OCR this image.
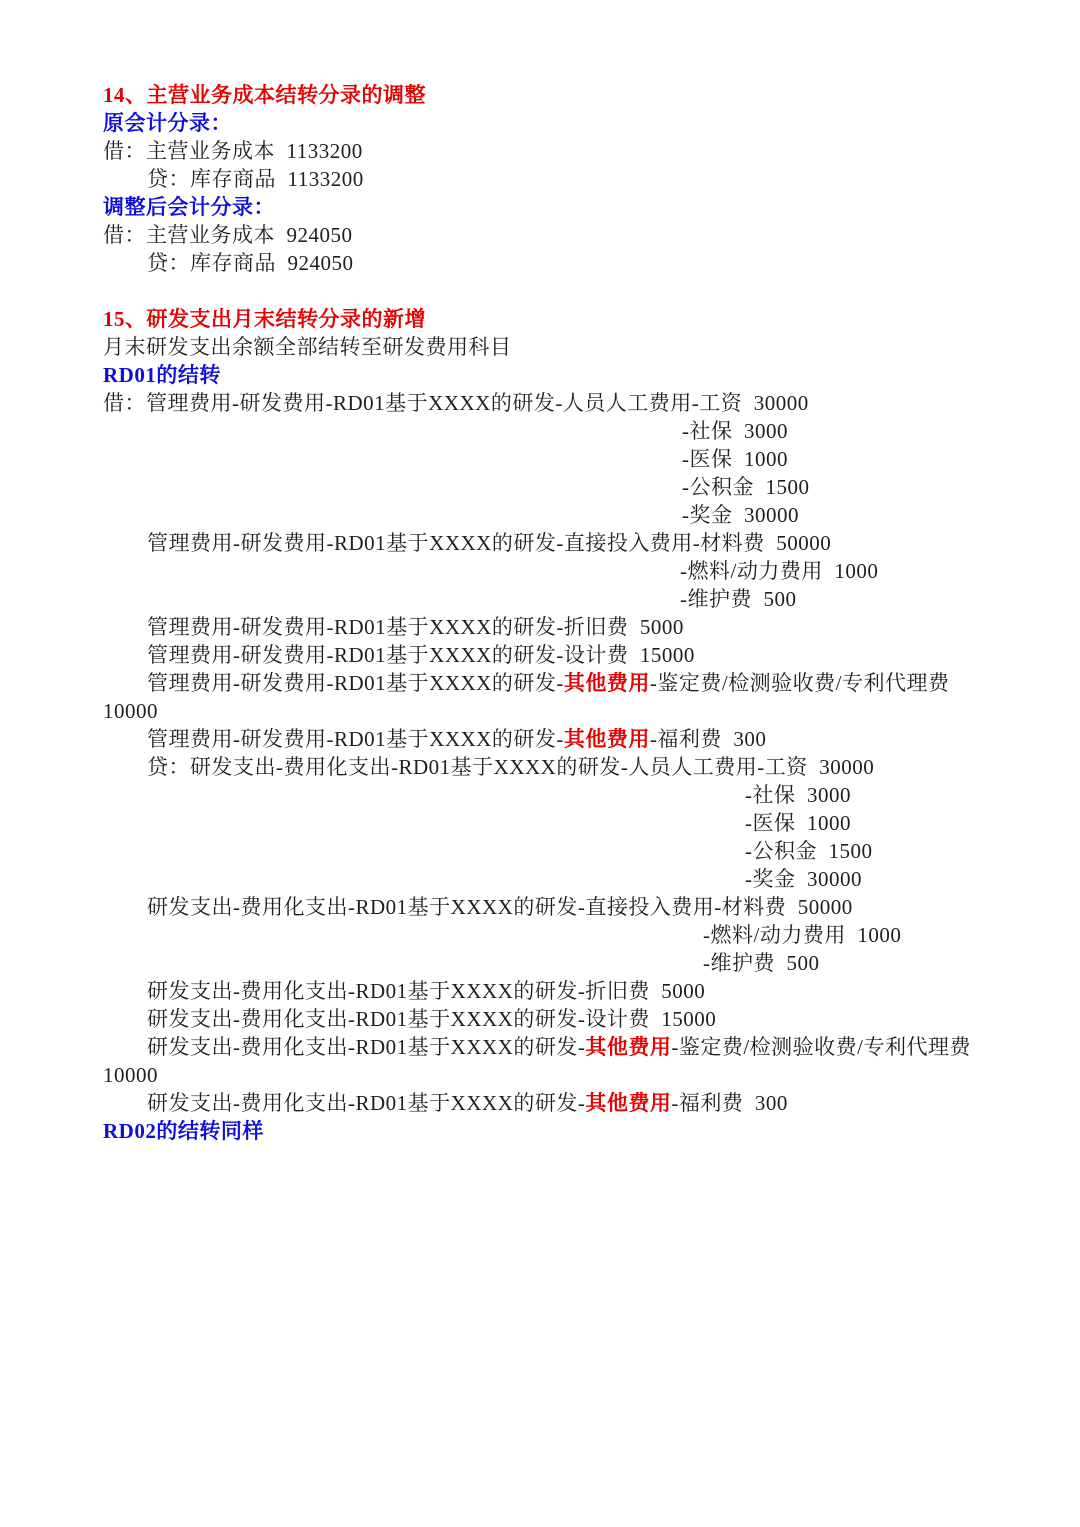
14、主营业务成本结转分录的调整
原会计分录：
借：主营业务成本  1133200
贷：库存商品  1133200
调整后会计分录：
借：主营业务成本  924050
贷：库存商品  924050

15、研发支出月末结转分录的新增
月末研发支出余额全部结转至研发费用科目
RD01的结转
借：管理费用-研发费用-RD01基于XXXX的研发-人员人工费用-工资  30000
-社保  3000
-医保  1000
-公积金  1500
-奖金  30000
管理费用-研发费用-RD01基于XXXX的研发-直接投入费用-材料费  50000
-燃料/动力费用  1000
-维护费  500
管理费用-研发费用-RD01基于XXXX的研发-折旧费  5000
管理费用-研发费用-RD01基于XXXX的研发-设计费  15000
管理费用-研发费用-RD01基于XXXX的研发-其他费用-鉴定费/检测验收费/专利代理费
10000
管理费用-研发费用-RD01基于XXXX的研发-其他费用-福利费  300
贷：研发支出-费用化支出-RD01基于XXXX的研发-人员人工费用-工资  30000
-社保  3000
-医保  1000
-公积金  1500
-奖金  30000
研发支出-费用化支出-RD01基于XXXX的研发-直接投入费用-材料费  50000
-燃料/动力费用  1000
-维护费  500
研发支出-费用化支出-RD01基于XXXX的研发-折旧费  5000
研发支出-费用化支出-RD01基于XXXX的研发-设计费  15000
研发支出-费用化支出-RD01基于XXXX的研发-其他费用-鉴定费/检测验收费/专利代理费
10000
研发支出-费用化支出-RD01基于XXXX的研发-其他费用-福利费  300
RD02的结转同样
